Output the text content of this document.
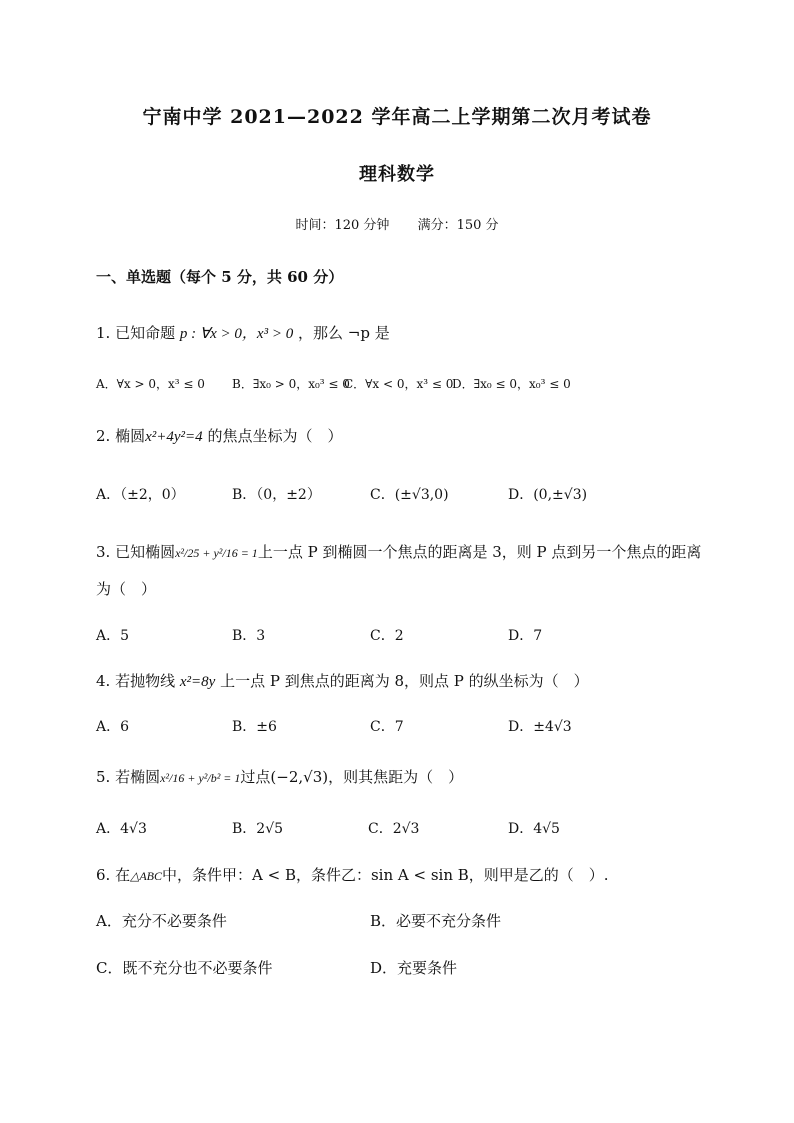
宁南中学 2021—2022 学年高二上学期第二次月考试卷
理科数学
时间：120 分钟 满分：150 分
一、单选题（每个 5 分，共 60 分）
1. 已知命题 p : ∀x > 0，x³ > 0 ，那么 ¬p 是
A．∀x > 0，x³ ≤ 0 B．∃x₀ > 0，x₀³ ≤ 0
C．∀x < 0，x³ ≤ 0
D．∃x₀ ≤ 0，x₀³ ≤ 0
2. 椭圆x²+4y²=4 的焦点坐标为（　）
A．（±2，0）	B．（0，±2）	C．(±√3,0)	D．(0,±√3)
3. 已知椭圆x²/25 + y²/16 = 1上一点 P 到椭圆一个焦点的距离是 3，则 P 点到另一个焦点的距离
为（　）
A．5	B．3	C．2	D．7
4. 若抛物线 x²=8y 上一点 P 到焦点的距离为 8，则点 P 的纵坐标为（　）
A．6	B．±6	C．7	D．±4√3
5. 若椭圆x²/16 + y²/b² = 1过点(−2,√3)，则其焦距为（　）
A．4√3	B．2√5	C．2√3	D．4√5
6. 在△ABC中，条件甲：A < B，条件乙：sin A < sin B，则甲是乙的（　）.
A．充分不必要条件	B．必要不充分条件
C．既不充分也不必要条件	D．充要条件
